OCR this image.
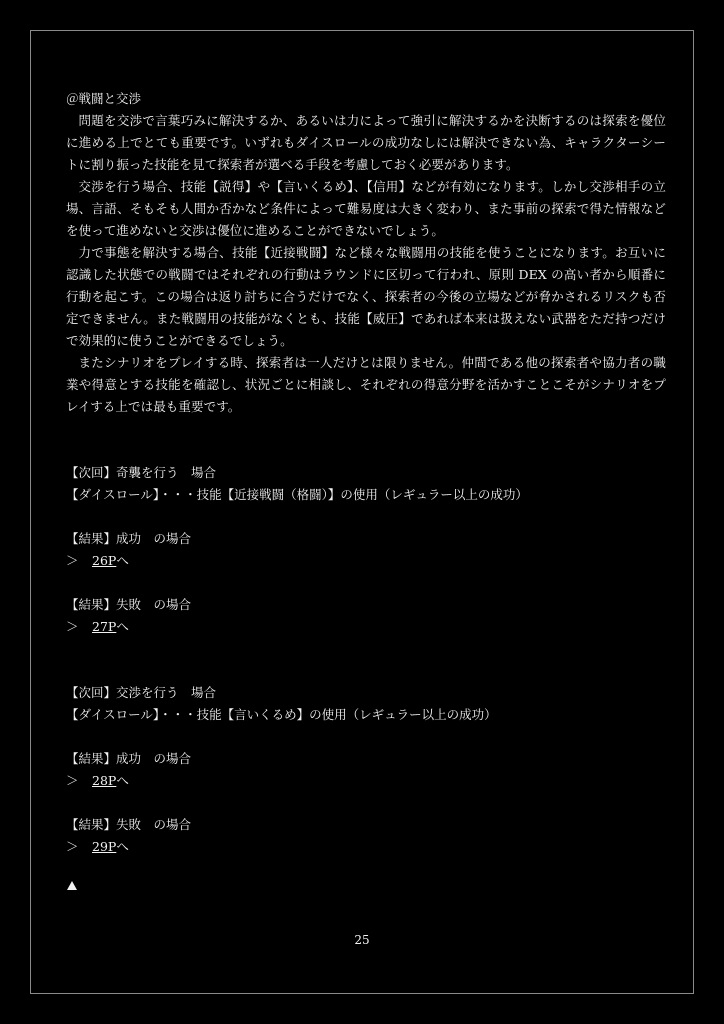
＠戦闘と交渉

問題を交渉で言葉巧みに解決するか、あるいは力によって強引に解決するかを決断するのは探索を優位に進める上でとても重要です。いずれもダイスロールの成功なしには解決できない為、キャラクターシートに割り振った技能を見て探索者が選べる手段を考慮しておく必要があります。

交渉を行う場合、技能【説得】や【言いくるめ】、【信用】などが有効になります。しかし交渉相手の立場、言語、そもそも人間か否かなど条件によって難易度は大きく変わり、また事前の探索で得た情報などを使って進めないと交渉は優位に進めることができないでしょう。

力で事態を解決する場合、技能【近接戦闘】など様々な戦闘用の技能を使うことになります。お互いに認識した状態での戦闘ではそれぞれの行動はラウンドに区切って行われ、原則 DEX の高い者から順番に行動を起こす。この場合は返り討ちに合うだけでなく、探索者の今後の立場などが脅かされるリスクも否定できません。また戦闘用の技能がなくとも、技能【威圧】であれば本来は扱えない武器をただ持つだけで効果的に使うことができるでしょう。

またシナリオをプレイする時、探索者は一人だけとは限りません。仲間である他の探索者や協力者の職業や得意とする技能を確認し、状況ごとに相談し、それぞれの得意分野を活かすことこそがシナリオをプレイする上では最も重要です。

【次回】奇襲を行う　場合

【ダイスロール】・・・技能【近接戦闘（格闘）】の使用（レギュラー以上の成功）

【結果】成功　の場合

＞ 26Pへ

【結果】失敗　の場合

＞ 27Pへ

【次回】交渉を行う　場合

【ダイスロール】・・・技能【言いくるめ】の使用（レギュラー以上の成功）

【結果】成功　の場合

＞ 28Pへ

【結果】失敗　の場合

＞ 29Pへ

25
